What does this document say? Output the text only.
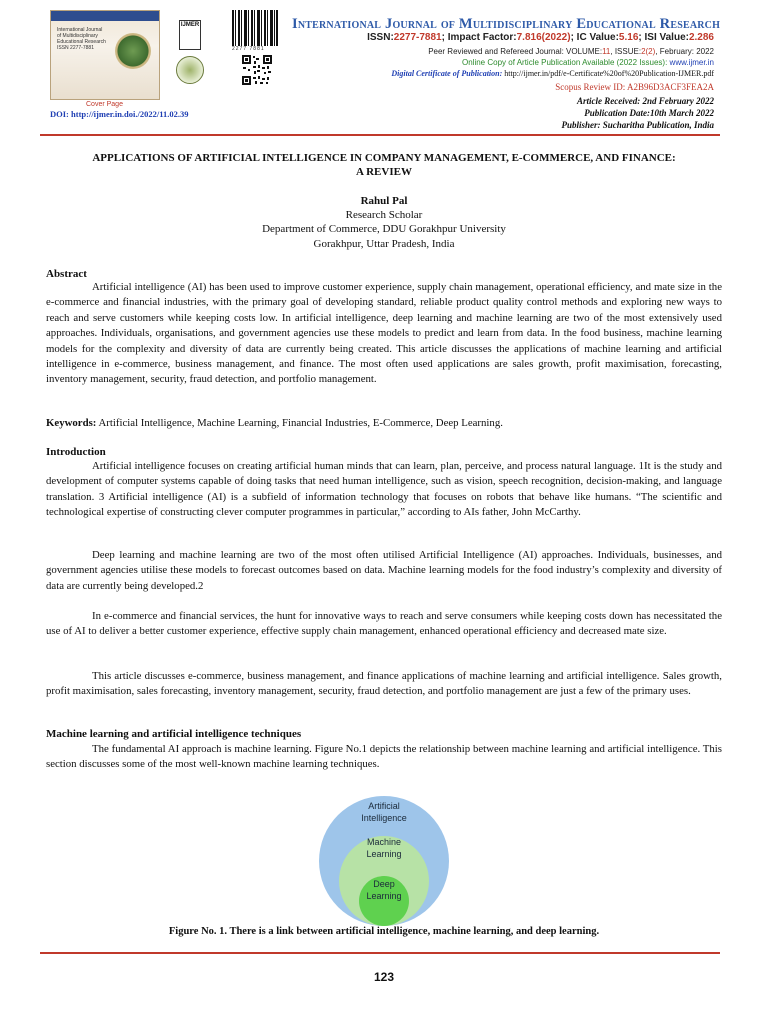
International Journal of Multidisciplinary Educational Research
ISSN 2277-7881
Cover Page
IJMER
2277 7881
International Journal of Multidisciplinary Educational Research
ISSN:2277-7881; Impact Factor:7.816(2022); IC Value:5.16; ISI Value:2.286
Peer Reviewed and Refereed Journal: VOLUME:11, ISSUE:2(2), February: 2022
Online Copy of Article Publication Available (2022 Issues): www.ijmer.in
Digital Certificate of Publication: http://ijmer.in/pdf/e-Certificate%20of%20Publication-IJMER.pdf
Scopus Review ID: A2B96D3ACF3FEA2A
Article Received: 2nd February 2022
Publication Date:10th March 2022
Publisher: Sucharitha Publication, India
DOI: http://ijmer.in.doi./2022/11.02.39
APPLICATIONS OF ARTIFICIAL INTELLIGENCE IN COMPANY MANAGEMENT, E-COMMERCE, AND FINANCE:
A REVIEW
Rahul Pal
Research Scholar
Department of Commerce, DDU Gorakhpur University
Gorakhpur, Uttar Pradesh, India
Abstract
Artificial intelligence (AI) has been used to improve customer experience, supply chain management, operational efficiency, and mate size in the e-commerce and financial industries, with the primary goal of developing standard, reliable product quality control methods and exploring new ways to reach and serve customers while keeping costs low. In artificial intelligence, deep learning and machine learning are two of the most extensively used approaches. Individuals, organisations, and government agencies use these models to predict and learn from data. In the food business, machine learning models for the complexity and diversity of data are currently being created. This article discusses the applications of machine learning and artificial intelligence in e-commerce, business management, and finance. The most often used applications are sales growth, profit maximisation, forecasting, inventory management, security, fraud detection, and portfolio management.
Keywords: Artificial Intelligence, Machine Learning, Financial Industries, E-Commerce, Deep Learning.
Introduction
Artificial intelligence focuses on creating artificial human minds that can learn, plan, perceive, and process natural language. 1It is the study and development of computer systems capable of doing tasks that need human intelligence, such as vision, speech recognition, decision-making, and language translation. 3 Artificial intelligence (AI) is a subfield of information technology that focuses on robots that behave like humans. “The scientific and technological expertise of constructing clever computer programmes in particular,” according to AIs father, John McCarthy.
Deep learning and machine learning are two of the most often utilised Artificial Intelligence (AI) approaches. Individuals, businesses, and government agencies utilise these models to forecast outcomes based on data. Machine learning models for the food industry’s complexity and diversity of data are currently being developed.2
In e-commerce and financial services, the hunt for innovative ways to reach and serve consumers while keeping costs down has necessitated the use of AI to deliver a better customer experience, effective supply chain management, enhanced operational efficiency and decreased mate size.
This article discusses e-commerce, business management, and finance applications of machine learning and artificial intelligence. Sales growth, profit maximisation, sales forecasting, inventory management, security, fraud detection, and portfolio management are just a few of the primary uses.
Machine learning and artificial intelligence techniques
The fundamental AI approach is machine learning. Figure No.1 depicts the relationship between machine learning and artificial intelligence. This section discusses some of the most well-known machine learning techniques.
Artificial
Intelligence
Machine
Learning
Deep
Learning
Figure No. 1. There is a link between artificial intelligence, machine learning, and deep learning.
123
